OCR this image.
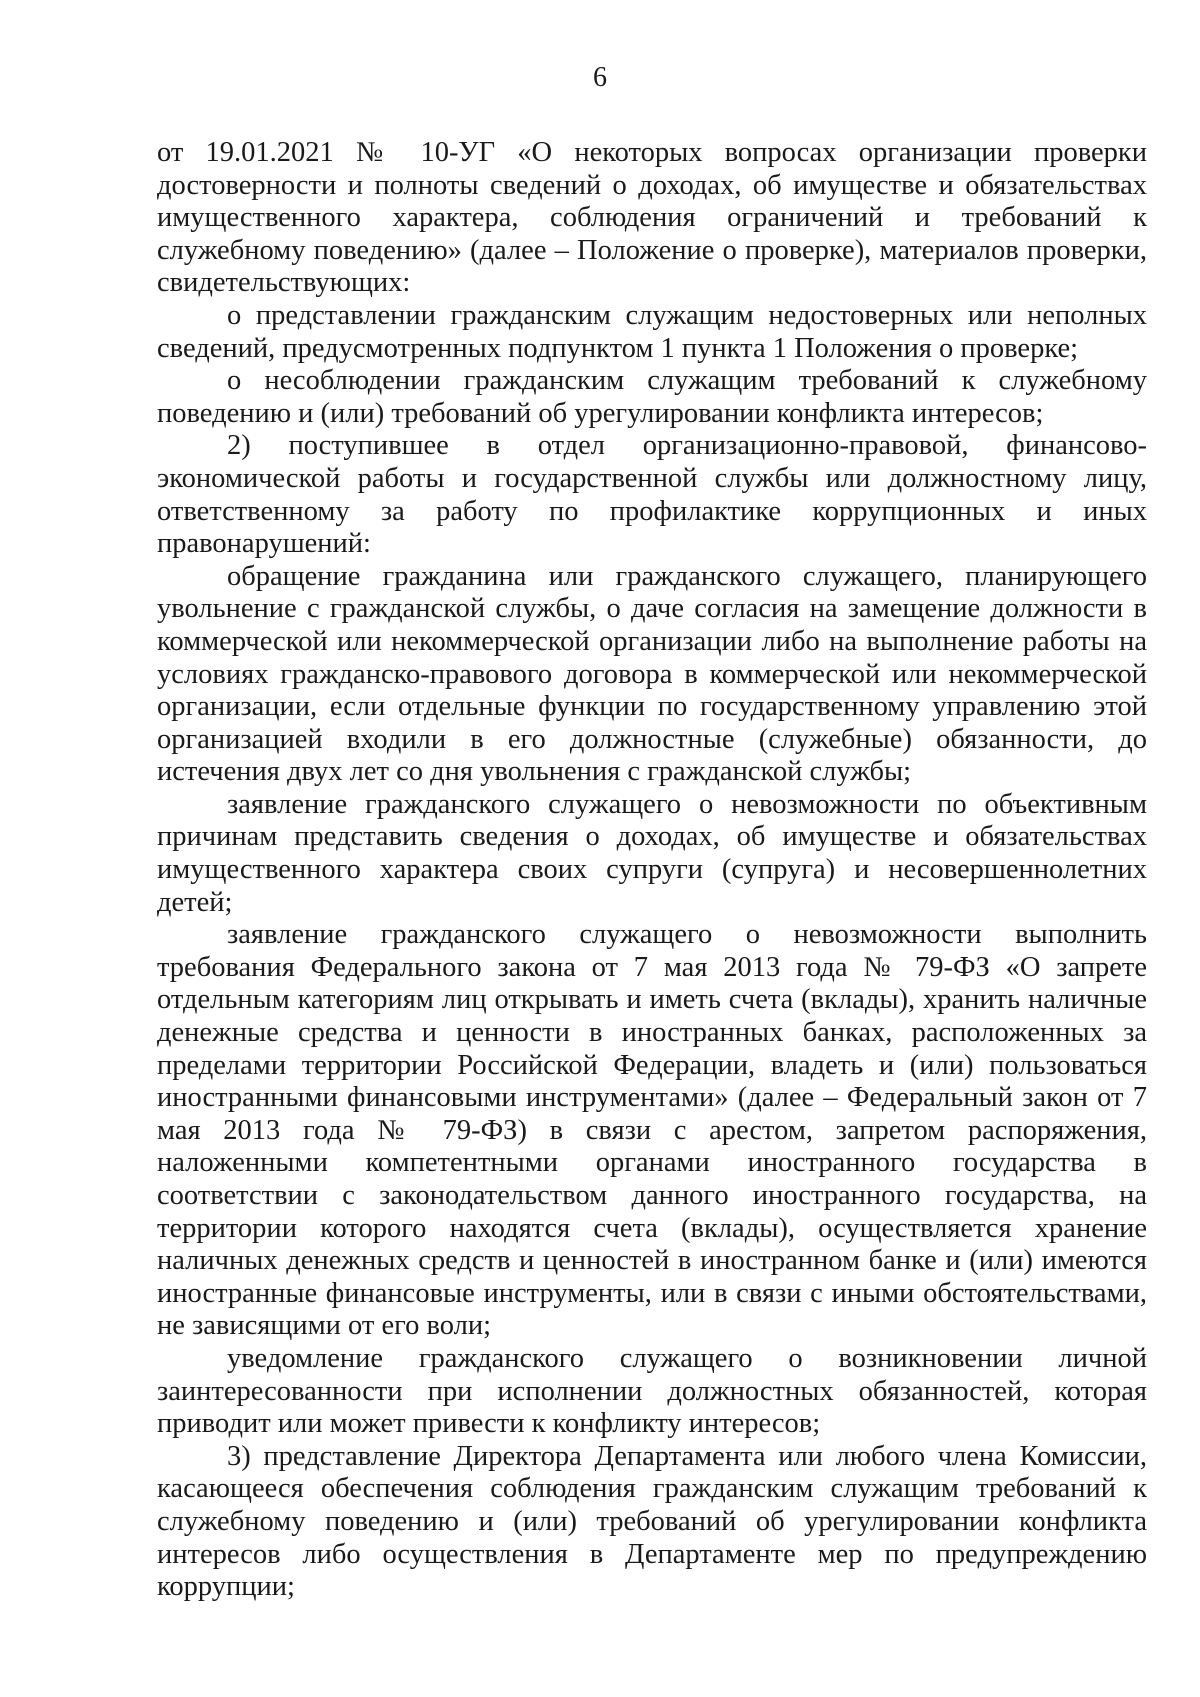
6

от 19.01.2021 № 10-УГ «О некоторых вопросах организации проверки достоверности и полноты сведений о доходах, об имуществе и обязательствах имущественного характера, соблюдения ограничений и требований к служебному поведению» (далее – Положение о проверке), материалов проверки, свидетельствующих:

о представлении гражданским служащим недостоверных или неполных сведений, предусмотренных подпунктом 1 пункта 1 Положения о проверке;

о несоблюдении гражданским служащим требований к служебному поведению и (или) требований об урегулировании конфликта интересов;

2) поступившее в отдел организационно-правовой, финансово-экономической работы и государственной службы или должностному лицу, ответственному за работу по профилактике коррупционных и иных правонарушений:

обращение гражданина или гражданского служащего, планирующего увольнение с гражданской службы, о даче согласия на замещение должности в коммерческой или некоммерческой организации либо на выполнение работы на условиях гражданско-правового договора в коммерческой или некоммерческой организации, если отдельные функции по государственному управлению этой организацией входили в его должностные (служебные) обязанности, до истечения двух лет со дня увольнения с гражданской службы;

заявление гражданского служащего о невозможности по объективным причинам представить сведения о доходах, об имуществе и обязательствах имущественного характера своих супруги (супруга) и несовершеннолетних детей;

заявление гражданского служащего о невозможности выполнить требования Федерального закона от 7 мая 2013 года № 79-ФЗ «О запрете отдельным категориям лиц открывать и иметь счета (вклады), хранить наличные денежные средства и ценности в иностранных банках, расположенных за пределами территории Российской Федерации, владеть и (или) пользоваться иностранными финансовыми инструментами» (далее – Федеральный закон от 7 мая 2013 года № 79-ФЗ) в связи с арестом, запретом распоряжения, наложенными компетентными органами иностранного государства в соответствии с законодательством данного иностранного государства, на территории которого находятся счета (вклады), осуществляется хранение наличных денежных средств и ценностей в иностранном банке и (или) имеются иностранные финансовые инструменты, или в связи с иными обстоятельствами, не зависящими от его воли;

уведомление гражданского служащего о возникновении личной заинтересованности при исполнении должностных обязанностей, которая приводит или может привести к конфликту интересов;

3) представление Директора Департамента или любого члена Комиссии, касающееся обеспечения соблюдения гражданским служащим требований к служебному поведению и (или) требований об урегулировании конфликта интересов либо осуществления в Департаменте мер по предупреждению коррупции;
